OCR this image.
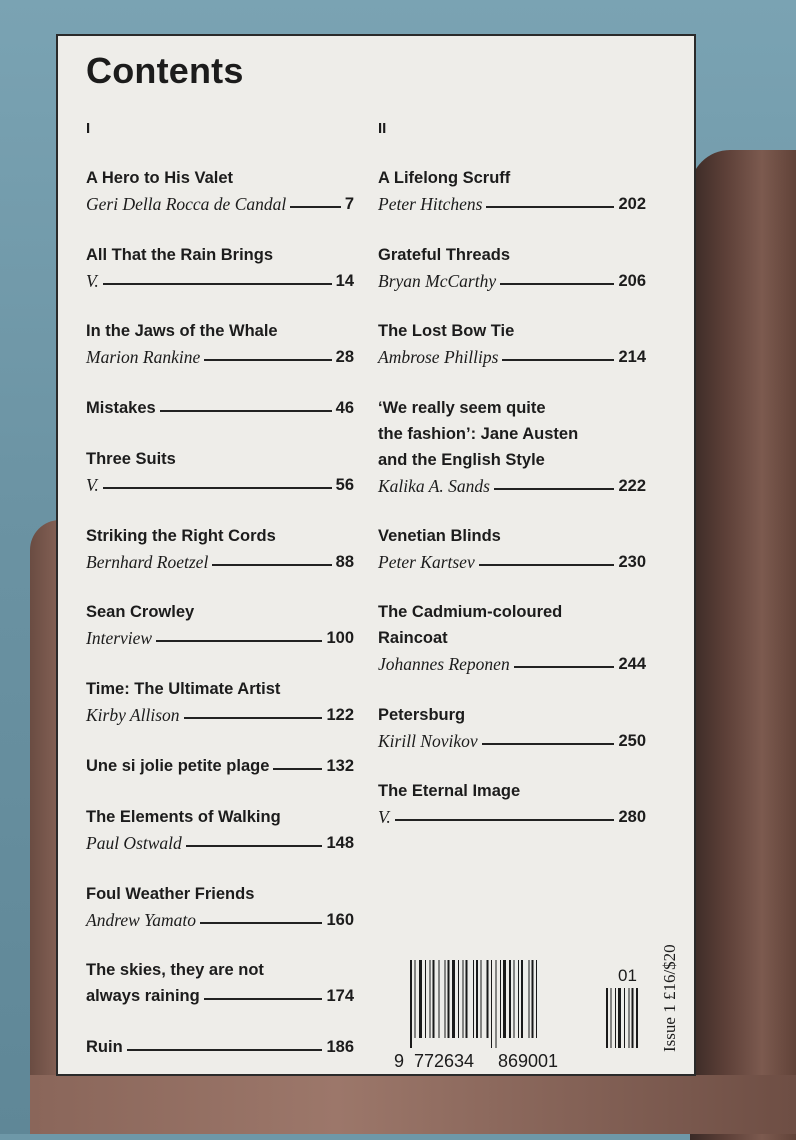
Contents
I	II
A Hero to His Valet
Geri Della Rocca de Candal	7
All That the Rain Brings
V.	14
In the Jaws of the Whale
Marion Rankine	28
Mistakes	46
Three Suits
V.	56
Striking the Right Cords
Bernhard Roetzel	88
Sean Crowley
Interview	100
Time: The Ultimate Artist
Kirby Allison	122
Une si jolie petite plage	132
The Elements of Walking
Paul Ostwald	148
Foul Weather Friends
Andrew Yamato	160
The skies, they are not
always raining	174
Ruin	186
A Lifelong Scruff
Peter Hitchens	202
Grateful Threads
Bryan McCarthy	206
The Lost Bow Tie
Ambrose Phillips	214
‘We really seem quite
the fashion’: Jane Austen
and the English Style
Kalika A. Sands	222
Venetian Blinds
Peter Kartsev	230
The Cadmium-coloured
Raincoat
Johannes Reponen	244
Petersburg
Kirill Novikov	250
The Eternal Image
V.	280
9 772634 869001
01 Issue 1 £16/$20
